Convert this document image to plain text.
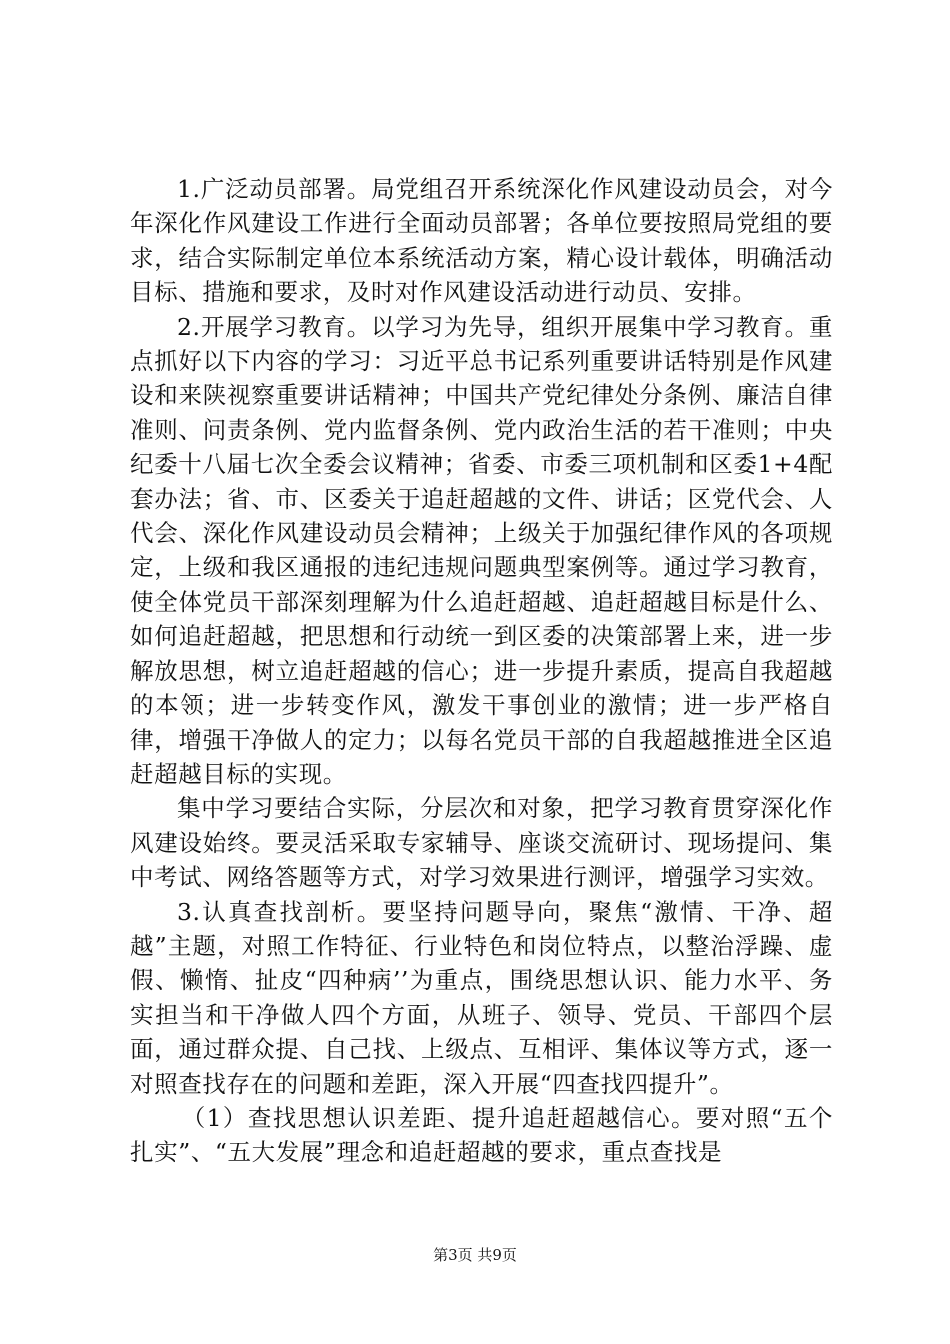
1.广泛动员部署。局党组召开系统深化作风建设动员会，对今年深化作风建设工作进行全面动员部署；各单位要按照局党组的要求，结合实际制定单位本系统活动方案，精心设计载体，明确活动目标、措施和要求，及时对作风建设活动进行动员、安排。

2.开展学习教育。以学习为先导，组织开展集中学习教育。重点抓好以下内容的学习：习近平总书记系列重要讲话特别是作风建设和来陕视察重要讲话精神；中国共产党纪律处分条例、廉洁自律准则、问责条例、党内监督条例、党内政治生活的若干准则；中央纪委十八届七次全委会议精神；省委、市委三项机制和区委1+4配套办法；省、市、区委关于追赶超越的文件、讲话；区党代会、人代会、深化作风建设动员会精神；上级关于加强纪律作风的各项规定，上级和我区通报的违纪违规问题典型案例等。通过学习教育，使全体党员干部深刻理解为什么追赶超越、追赶超越目标是什么、如何追赶超越，把思想和行动统一到区委的决策部署上来，进一步解放思想，树立追赶超越的信心；进一步提升素质，提高自我超越的本领；进一步转变作风，激发干事创业的激情；进一步严格自律，增强干净做人的定力；以每名党员干部的自我超越推进全区追赶超越目标的实现。

集中学习要结合实际，分层次和对象，把学习教育贯穿深化作风建设始终。要灵活采取专家辅导、座谈交流研讨、现场提问、集中考试、网络答题等方式，对学习效果进行测评，增强学习实效。

3.认真查找剖析。要坚持问题导向，聚焦“激情、干净、超越”主题，对照工作特征、行业特色和岗位特点，以整治浮躁、虚假、懒惰、扯皮“四种病’’为重点，围绕思想认识、能力水平、务实担当和干净做人四个方面，从班子、领导、党员、干部四个层面，通过群众提、自己找、上级点、互相评、集体议等方式，逐一对照查找存在的问题和差距，深入开展“四查找四提升”。

（1）查找思想认识差距、提升追赶超越信心。要对照“五个扎实”、“五大发展”理念和追赶超越的要求，重点查找是

第3页 共9页
